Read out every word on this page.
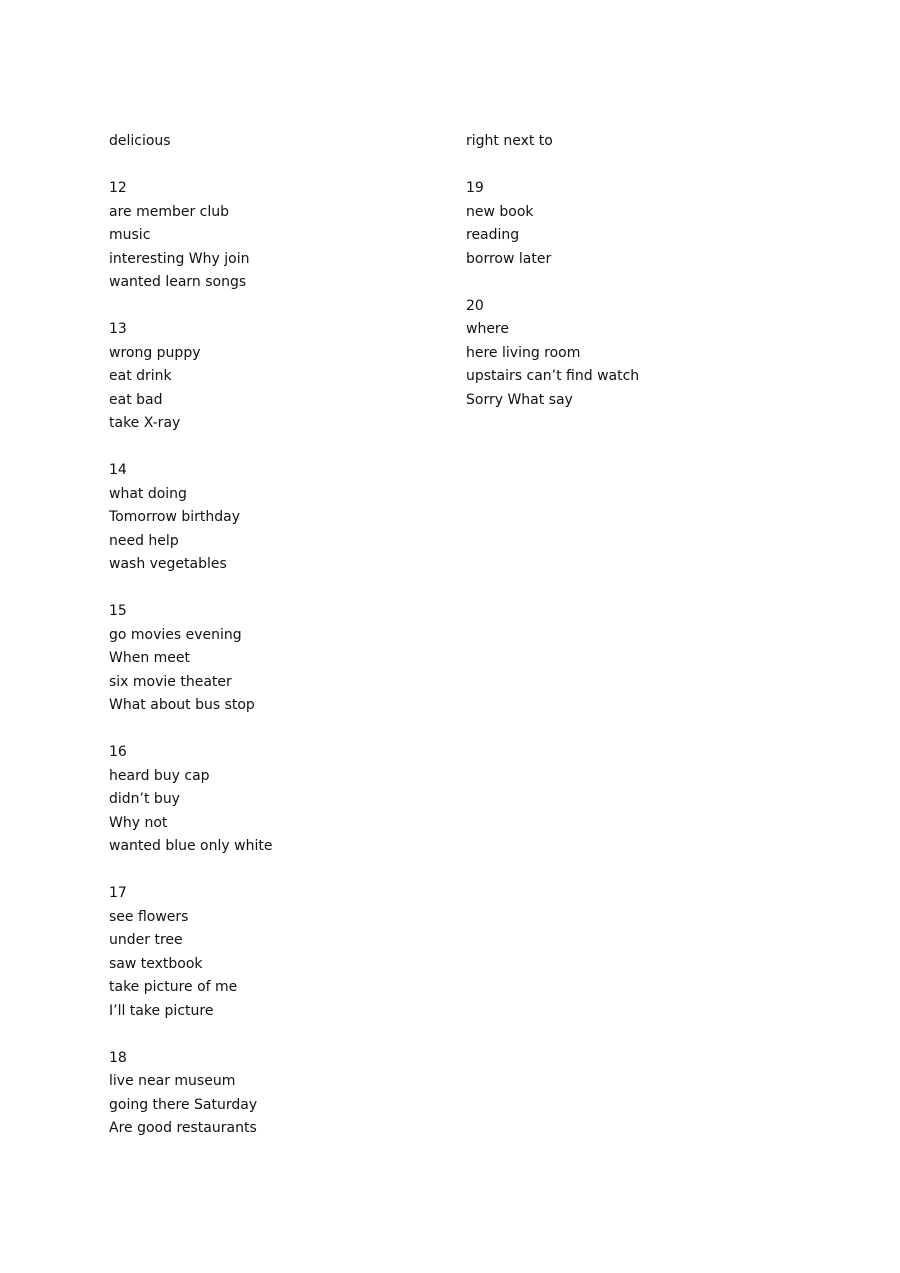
delicious
12
are member club
music
interesting Why join
wanted learn songs
13
wrong puppy
eat drink
eat bad
take X-ray
14
what doing
Tomorrow birthday
need help
wash vegetables
15
go movies evening
When meet
six movie theater
What about bus stop
16
heard buy cap
didn’t buy
Why not
wanted blue only white
17
see flowers
under tree
saw textbook
take picture of me
I’ll take picture
18
live near museum
going there Saturday
Are good restaurants
right next to
19
new book
reading
borrow later
20
where
here living room
upstairs can’t find watch
Sorry What say
